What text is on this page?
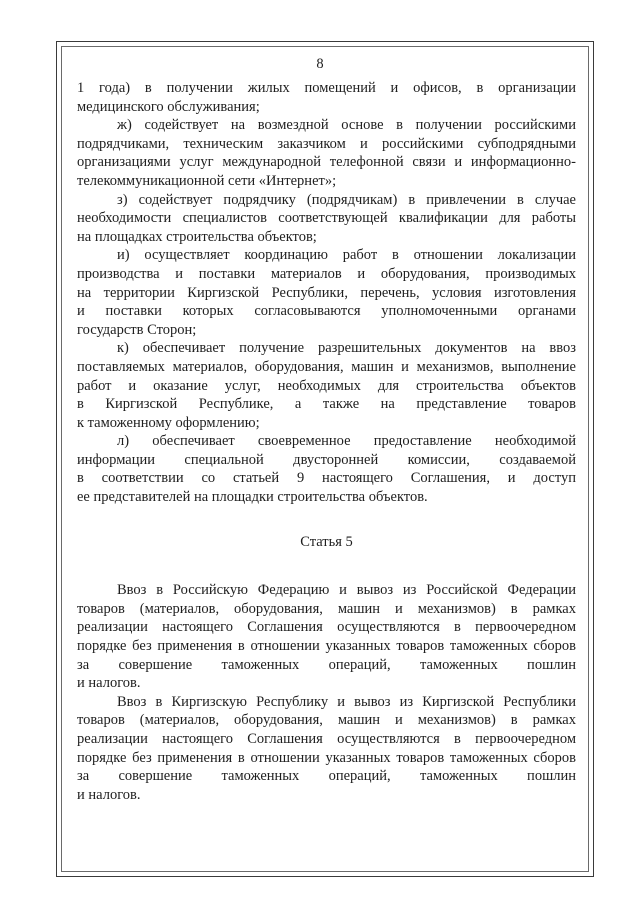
8
1 года) в получении жилых помещений и офисов, в организации
медицинского обслуживания;
ж) содействует на возмездной основе в получении российскими
подрядчиками, техническим заказчиком и российскими субподрядными
организациями услуг международной телефонной связи и информационно-
телекоммуникационной сети «Интернет»;
з) содействует подрядчику (подрядчикам) в привлечении в случае
необходимости специалистов соответствующей квалификации для работы
на площадках строительства объектов;
и) осуществляет координацию работ в отношении локализации
производства и поставки материалов и оборудования, производимых
на территории Киргизской Республики, перечень, условия изготовления
и поставки которых согласовываются уполномоченными органами
государств Сторон;
к) обеспечивает получение разрешительных документов на ввоз
поставляемых материалов, оборудования, машин и механизмов, выполнение
работ и оказание услуг, необходимых для строительства объектов
в Киргизской Республике, а также на представление товаров
к таможенному оформлению;
л) обеспечивает своевременное предоставление необходимой
информации специальной двусторонней комиссии, создаваемой
в соответствии со статьей 9 настоящего Соглашения, и доступ
ее представителей на площадки строительства объектов.
Статья 5
Ввоз в Российскую Федерацию и вывоз из Российской Федерации
товаров (материалов, оборудования, машин и механизмов) в рамках
реализации настоящего Соглашения осуществляются в первоочередном
порядке без применения в отношении указанных товаров таможенных сборов
за совершение таможенных операций, таможенных пошлин
и налогов.
Ввоз в Киргизскую Республику и вывоз из Киргизской Республики
товаров (материалов, оборудования, машин и механизмов) в рамках
реализации настоящего Соглашения осуществляются в первоочередном
порядке без применения в отношении указанных товаров таможенных сборов
за совершение таможенных операций, таможенных пошлин
и налогов.
